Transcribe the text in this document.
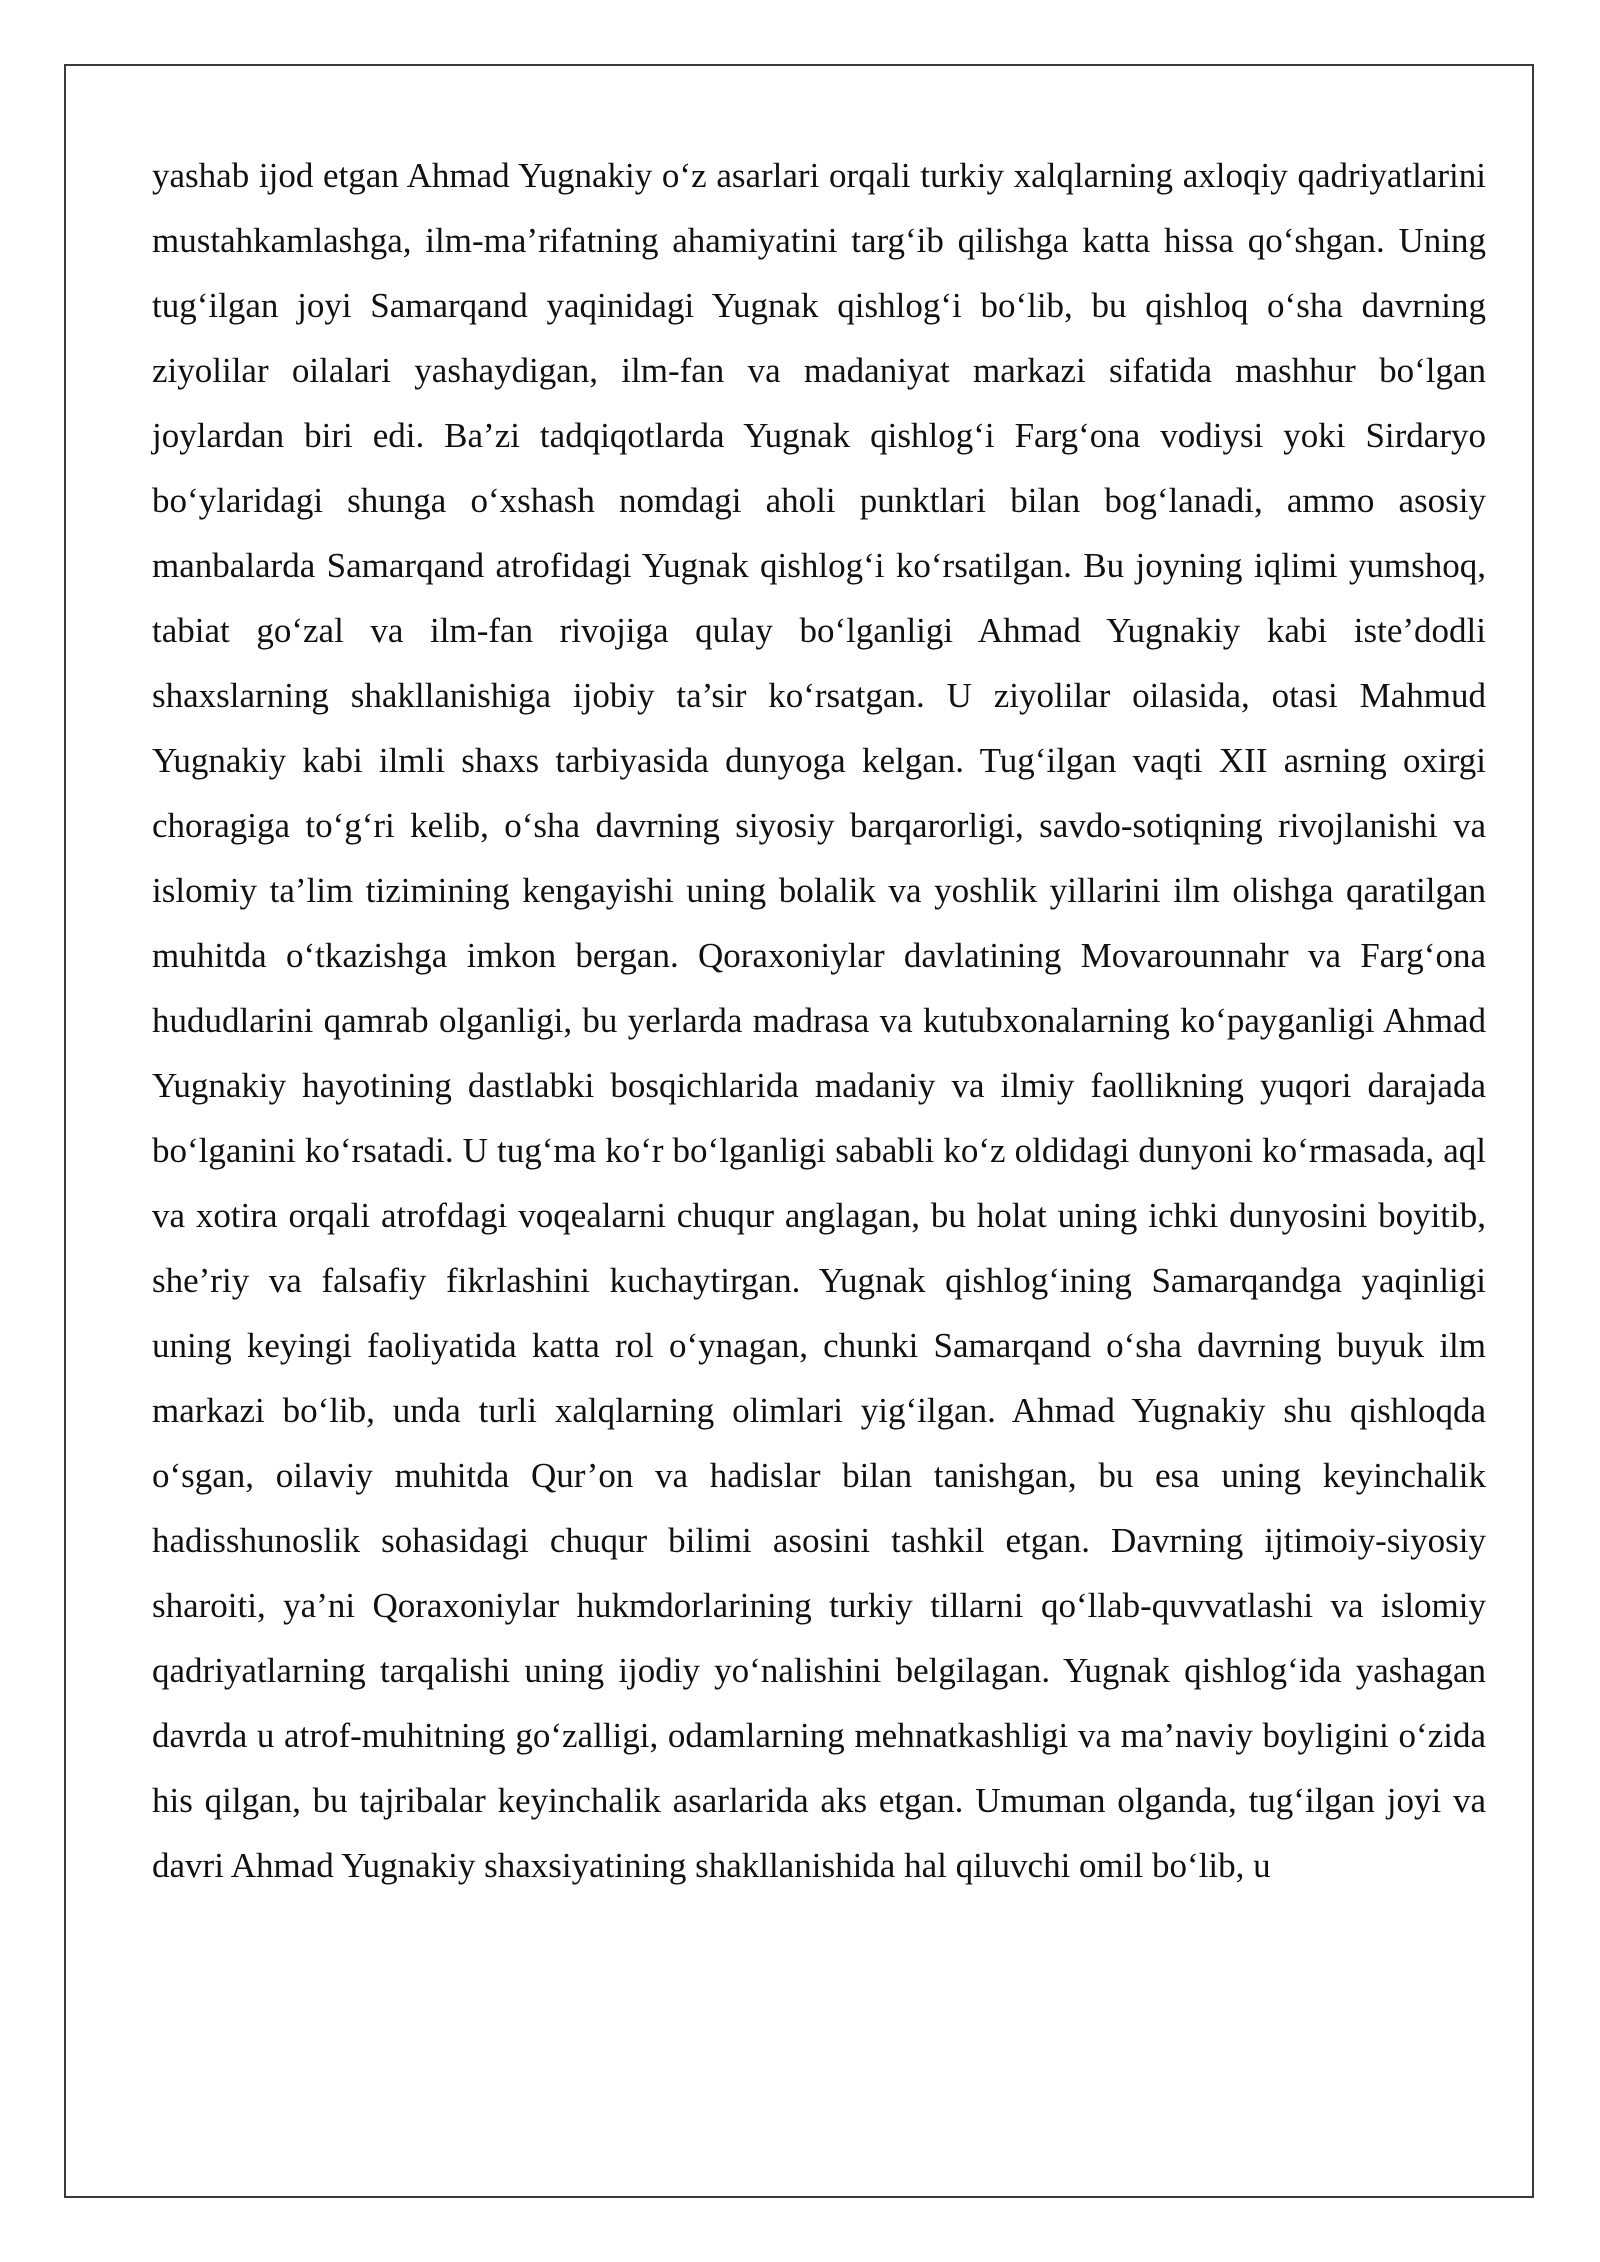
yashab ijod etgan Ahmad Yugnakiy o‘z asarlari orqali turkiy xalqlarning axloqiy qadriyatlarini mustahkamlashga, ilm-ma’rifatning ahamiyatini targ‘ib qilishga katta hissa qo‘shgan. Uning tug‘ilgan joyi Samarqand yaqinidagi Yugnak qishlog‘i bo‘lib, bu qishloq o‘sha davrning ziyolilar oilalari yashaydigan, ilm-fan va madaniyat markazi sifatida mashhur bo‘lgan joylardan biri edi. Ba’zi tadqiqotlarda Yugnak qishlog‘i Farg‘ona vodiysi yoki Sirdaryo bo‘ylaridagi shunga o‘xshash nomdagi aholi punktlari bilan bog‘lanadi, ammo asosiy manbalarda Samarqand atrofidagi Yugnak qishlog‘i ko‘rsatilgan. Bu joyning iqlimi yumshoq, tabiat go‘zal va ilm-fan rivojiga qulay bo‘lganligi Ahmad Yugnakiy kabi iste’dodli shaxslarning shakllanishiga ijobiy ta’sir ko‘rsatgan. U ziyolilar oilasida, otasi Mahmud Yugnakiy kabi ilmli shaxs tarbiyasida dunyoga kelgan. Tug‘ilgan vaqti XII asrning oxirgi choragiga to‘g‘ri kelib, o‘sha davrning siyosiy barqarorligi, savdo-sotiqning rivojlanishi va islomiy ta’lim tizimining kengayishi uning bolalik va yoshlik yillarini ilm olishga qaratilgan muhitda o‘tkazishga imkon bergan. Qoraxoniylar davlatining Movarounnahr va Farg‘ona hududlarini qamrab olganligi, bu yerlarda madrasa va kutubxonalarning ko‘payganligi Ahmad Yugnakiy hayotining dastlabki bosqichlarida madaniy va ilmiy faollikning yuqori darajada bo‘lganini ko‘rsatadi. U tug‘ma ko‘r bo‘lganligi sababli ko‘z oldidagi dunyoni ko‘rmasada, aql va xotira orqali atrofdagi voqealarni chuqur anglagan, bu holat uning ichki dunyosini boyitib, she’riy va falsafiy fikrlashini kuchaytirgan. Yugnak qishlog‘ining Samarqandga yaqinligi uning keyingi faoliyatida katta rol o‘ynagan, chunki Samarqand o‘sha davrning buyuk ilm markazi bo‘lib, unda turli xalqlarning olimlari yig‘ilgan. Ahmad Yugnakiy shu qishloqda o‘sgan, oilaviy muhitda Qur’on va hadislar bilan tanishgan, bu esa uning keyinchalik hadisshunoslik sohasidagi chuqur bilimi asosini tashkil etgan. Davrning ijtimoiy-siyosiy sharoiti, ya’ni Qoraxoniylar hukmdorlarining turkiy tillarni qo‘llab-quvvatlashi va islomiy qadriyatlarning tarqalishi uning ijodiy yo‘nalishini belgilagan. Yugnak qishlog‘ida yashagan davrda u atrof-muhitning go‘zalligi, odamlarning mehnatkashligi va ma’naviy boyligini o‘zida his qilgan, bu tajribalar keyinchalik asarlarida aks etgan. Umuman olganda, tug‘ilgan joyi va davri Ahmad Yugnakiy shaxsiyatining shakllanishida hal qiluvchi omil bo‘lib, u
